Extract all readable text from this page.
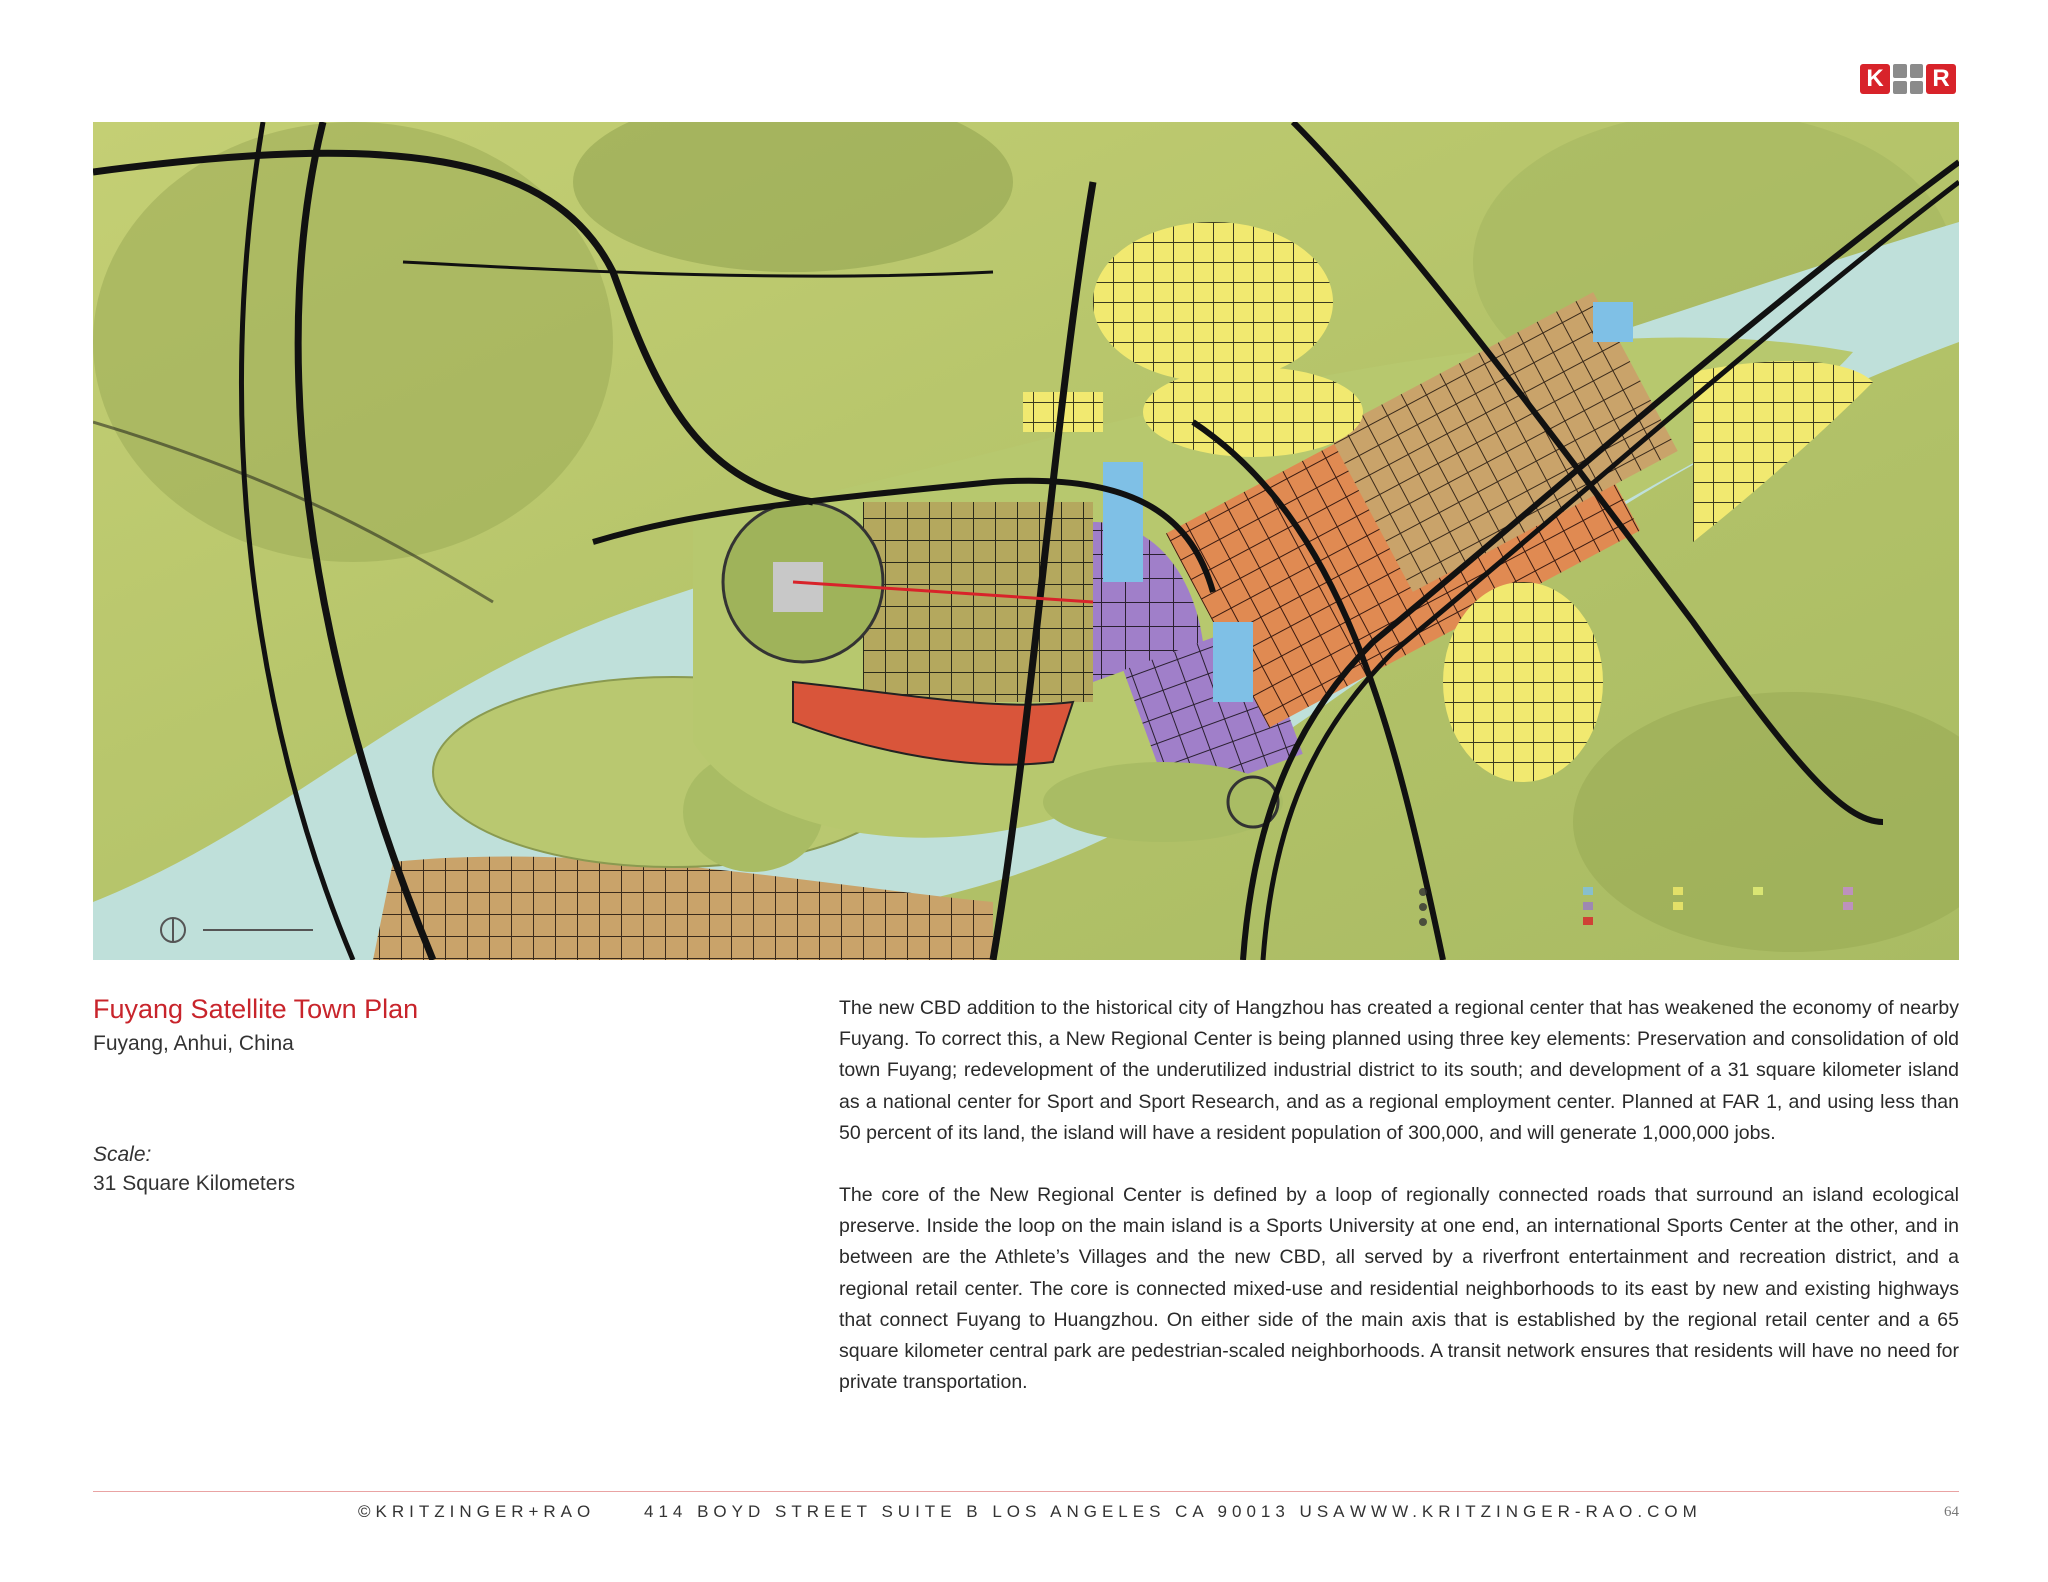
K R
Fuyang Satellite Town Plan
Fuyang, Anhui, China
Scale:
31 Square Kilometers

The new CBD addition to the historical city of Hangzhou has created a regional center that has weakened the economy of nearby Fuyang. To correct this, a New Regional Center is being planned using three key elements: Preservation and consolidation of old town Fuyang; redevelopment of the underutilized industrial district to its south; and development of a 31 square kilometer island as a national center for Sport and Sport Research, and as a regional employment center. Planned at FAR 1, and using less than 50 percent of its land, the island will have a resident population of 300,000, and will generate 1,000,000 jobs.

The core of the New Regional Center is defined by a loop of regionally connected roads that surround an island ecological preserve. Inside the loop on the main island is a Sports University at one end, an international Sports Center at the other, and in between are the Athlete’s Villages and the new CBD, all served by a riverfront entertainment and recreation district, and a regional retail center. The core is connected mixed-use and residential neighborhoods to its east by new and existing highways that connect Fuyang to Huangzhou. On either side of the main axis that is established by the regional retail center and a 65 square kilometer central park are pedestrian-scaled neighborhoods. A transit network ensures that residents will have no need for private transportation.

©KRITZINGER+RAO	414 BOYD STREET SUITE B LOS ANGELES CA 90013 USA WWW.KRITZINGER-RAO.COM	64
